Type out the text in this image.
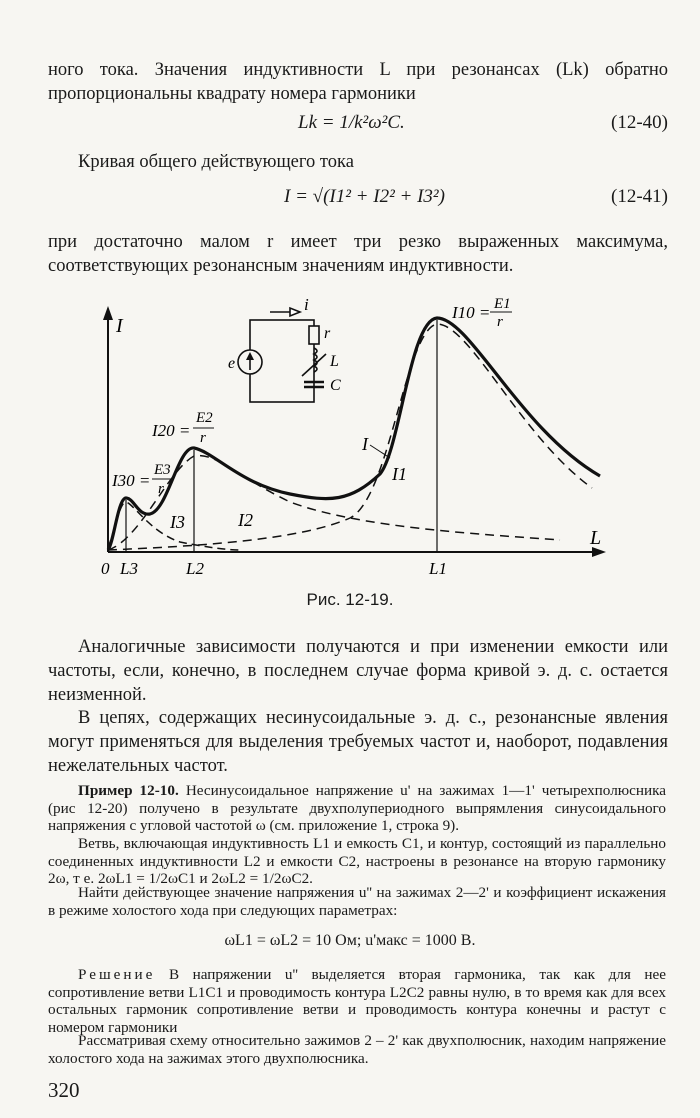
ного тока. Значения индуктивности L при резонансах (Lk) обратно пропорциональны квадрату номера гармоники

Lk = 1/k²ω²C.	(12-40)

Кривая общего действующего тока

I = √(I1² + I2² + I3²)	(12-41)

при достаточно малом r имеет три резко выраженных максимума, соответствующих резонансным значениям индуктивности.

I
L
I
I1
I2
I3
I10 = E1
r
I20 =
E2
r
I30 =
E3
r
0 L3	L2	L1
i
e
r
L
C
Рис. 12-19.

Аналогичные зависимости получаются и при изменении емкости или частоты, если, конечно, в последнем случае форма кривой э. д. с. остается неизменной.

В цепях, содержащих несинусоидальные э. д. с., резонансные явления могут применяться для выделения требуемых частот и, наоборот, подавления нежелательных частот.

Пример 12-10. Несинусоидальное напряжение u' на зажимах 1—1' четырехполюсника (рис 12-20) получено в результате двухполупериодного выпрямления синусоидального напряжения с угловой частотой ω (см. приложение 1, строка 9).

Ветвь, включающая индуктивность L1 и емкость C1, и контур, состоящий из параллельно соединенных индуктивности L2 и емкости C2, настроены в резонансе на вторую гармонику 2ω, т е. 2ωL1 = 1/2ωC1 и 2ωL2 = 1/2ωC2.

Найти действующее значение напряжения u'' на зажимах 2—2' и коэффициент искажения в режиме холостого хода при следующих параметрах:

ωL1 = ωL2 = 10 Ом; u'макс = 1000 В.

Решение В напряжении u'' выделяется вторая гармоника, так как для нее сопротивление ветви L1C1 и проводимость контура L2C2 равны нулю, в то время как для всех остальных гармоник сопротивление ветви и проводимость контура конечны и растут с номером гармоники

Рассматривая схему относительно зажимов 2 – 2' как двухполюсник, находим напряжение холостого хода на зажимах этого двухполюсника.

320
